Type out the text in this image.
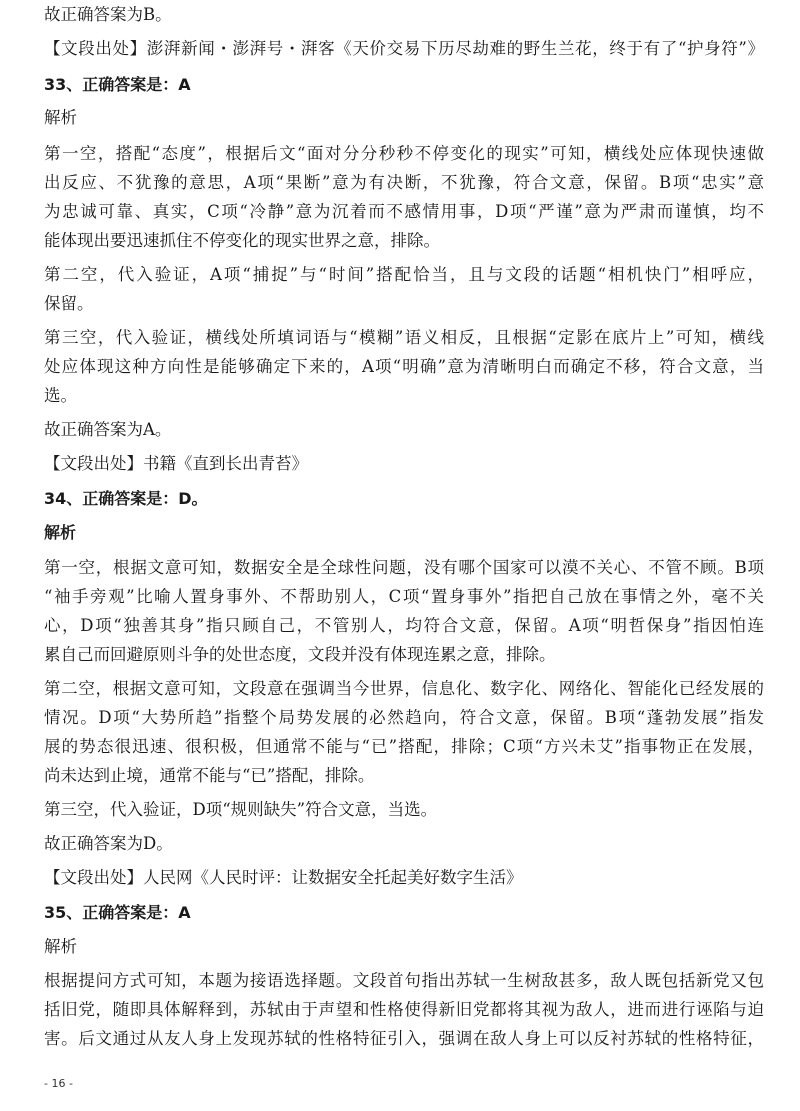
故正确答案为B。
【文段出处】澎湃新闻・澎湃号・湃客《天价交易下历尽劫难的野生兰花，终于有了“护身符”》
33、正确答案是：A
解析
第一空，搭配“态度”，根据后文“面对分分秒秒不停变化的现实”可知，横线处应体现快速做
出反应、不犹豫的意思，A项“果断”意为有决断，不犹豫，符合文意，保留。B项“忠实”意
为忠诚可靠、真实，C项“冷静”意为沉着而不感情用事，D项“严谨”意为严肃而谨慎，均不
能体现出要迅速抓住不停变化的现实世界之意，排除。
第二空，代入验证，A项“捕捉”与“时间”搭配恰当，且与文段的话题“相机快门”相呼应，
保留。
第三空，代入验证，横线处所填词语与“模糊”语义相反，且根据“定影在底片上”可知，横线
处应体现这种方向性是能够确定下来的，A项“明确”意为清晰明白而确定不移，符合文意，当
选。
故正确答案为A。
【文段出处】书籍《直到长出青苔》
34、正确答案是：D。
解析
第一空，根据文意可知，数据安全是全球性问题，没有哪个国家可以漠不关心、不管不顾。B项
“袖手旁观”比喻人置身事外、不帮助别人，C项“置身事外”指把自己放在事情之外，毫不关
心，D项“独善其身”指只顾自己，不管别人，均符合文意，保留。A项“明哲保身”指因怕连
累自己而回避原则斗争的处世态度，文段并没有体现连累之意，排除。
第二空，根据文意可知，文段意在强调当今世界，信息化、数字化、网络化、智能化已经发展的
情况。D项“大势所趋”指整个局势发展的必然趋向，符合文意，保留。B项“蓬勃发展”指发
展的势态很迅速、很积极，但通常不能与“已”搭配，排除；C项“方兴未艾”指事物正在发展，
尚未达到止境，通常不能与“已”搭配，排除。
第三空，代入验证，D项“规则缺失”符合文意，当选。
故正确答案为D。
【文段出处】人民网《人民时评：让数据安全托起美好数字生活》
35、正确答案是：A
解析
根据提问方式可知，本题为接语选择题。文段首句指出苏轼一生树敌甚多，敌人既包括新党又包
括旧党，随即具体解释到，苏轼由于声望和性格使得新旧党都将其视为敌人，进而进行诬陷与迫
害。后文通过从友人身上发现苏轼的性格特征引入，强调在敌人身上可以反衬苏轼的性格特征，
- 16 -
